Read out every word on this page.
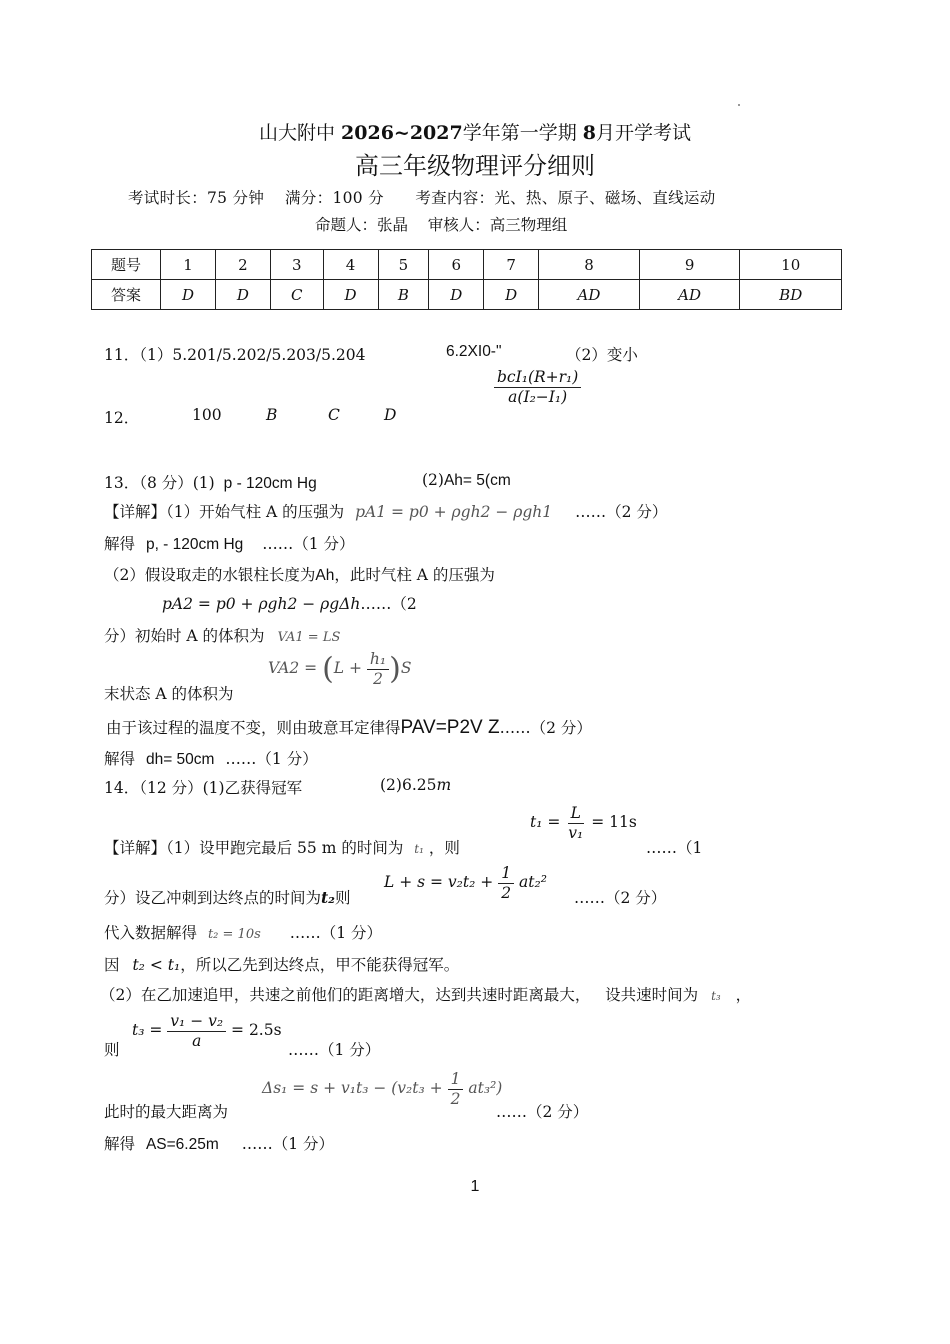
山大附中 2026~2027学年第一学期 8月开学考试
高三年级物理评分细则
考试时长：75 分钟    满分：100 分      考查内容：光、热、原子、磁场、直线运动
命题人：张晶    审核人：高三物理组
题号	1	2	3	4	5	6	7	8	9	10
答案	D	D	C	D	B	D	D	AD	AD	BD
11．（1）5.201/5.202/5.203/5.204	6.2XI0-"	（2）变小
12．	100	B	C	D
$\frac{\text{bcI₁(R+r₁)}}{\text{a(I₂−I₁)}}$
13．（8 分）(1) p - 120cm Hg	(2)Ah= 5(cm
【详解】（1）开始气柱 A 的压强为 pA1 = p0 + ρgh2 − ρgh1 ……（2 分）
解得 p, - 120cm Hg ……（1 分）
（2）假设取走的水银柱长度为Ah，此时气柱 A 的压强为
pA2 = p0 + ρgh2 − ρgΔh……（2
分）初始时 A 的体积为 VA1 = LS
末状态 A 的体积为
$VA2 = (L + \frac{\text{h₁}}{2} )S$
由于该过程的温度不变，则由玻意耳定律得PAV=P2V Z……（2 分）
解得 dh= 50cm ……（1 分）
14．（12 分）(1)乙获得冠军	(2)6.25m
【详解】（1）设甲跑完最后 55 m 的时间为 t₁ ，则
$t_1 = \frac{L}{\text{v₁}} = 11s$
……（1
分）设乙冲刺到达终点的时间为t₂则
$L + s = v_2t_2 + \frac{1}{2} at_2^2$
……（2 分）
代入数据解得 t₂ = 10s ……（1 分）
因 t₂ < t₁，所以乙先到达终点，甲不能获得冠军。
（2）在乙加速追甲，共速之前他们的距离增大，达到共速时距离最大，   设共速时间为 t₃ ，
则
$t_3 = \frac{\text{v₁ − v₂}}{a} = 2.5s$
……（1 分）
此时的最大距离为
$\Delta s_1 = s + v_1t_3 - (v_2t_3 + \frac{1}{2} at_3^2)$
……（2 分）
解得 AS=6.25m ……（1 分）
1
